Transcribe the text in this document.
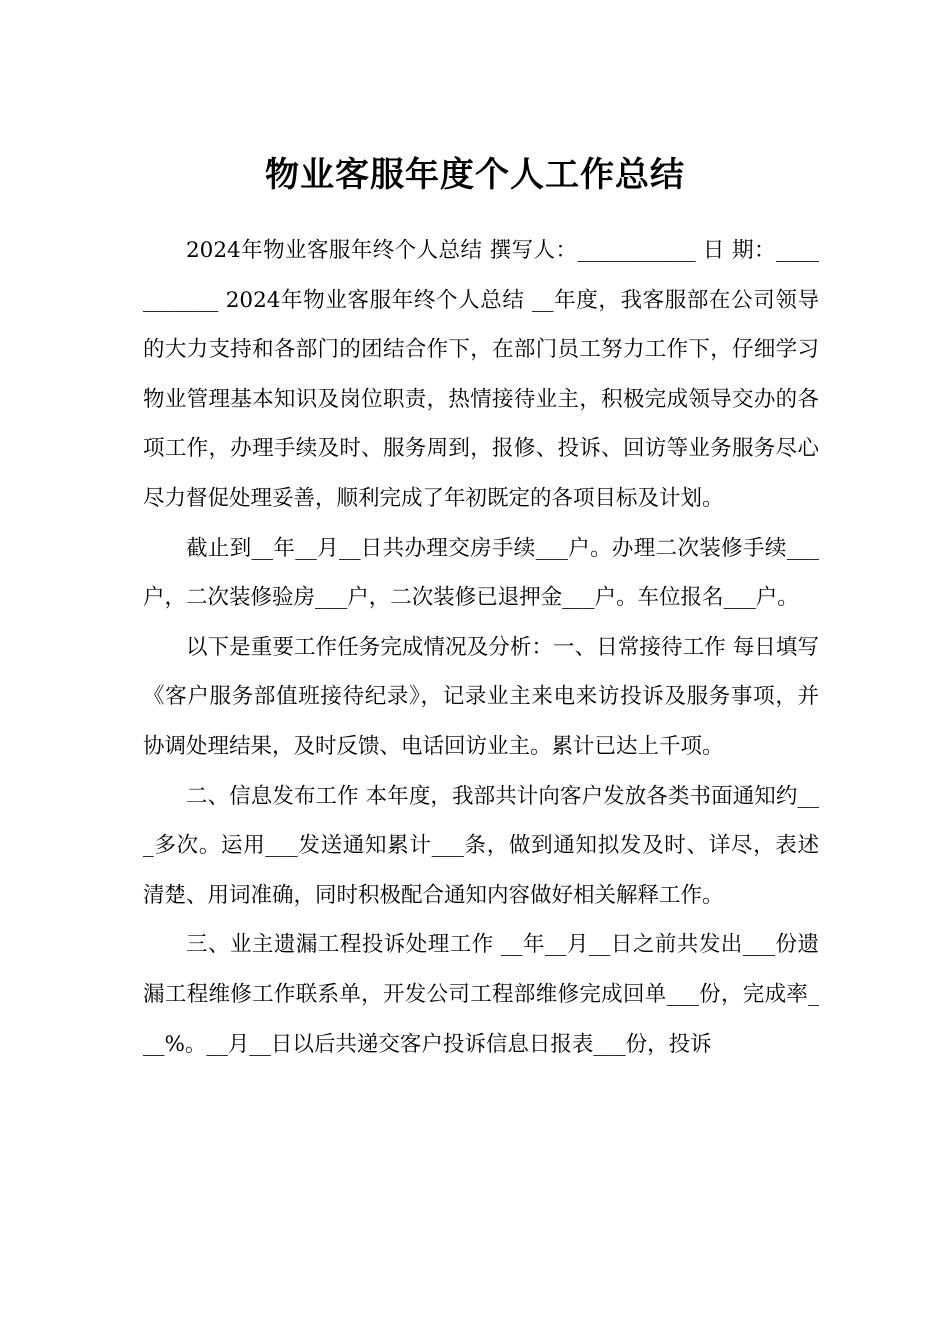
物业客服年度个人工作总结

2024年物业客服年终个人总结 撰写人：___________ 日 期：___________ 2024年物业客服年终个人总结 __年度，我客服部在公司领导的大力支持和各部门的团结合作下，在部门员工努力工作下，仔细学习物业管理基本知识及岗位职责，热情接待业主，积极完成领导交办的各项工作，办理手续及时、服务周到，报修、投诉、回访等业务服务尽心尽力督促处理妥善，顺利完成了年初既定的各项目标及计划。

截止到__年__月__日共办理交房手续___户。办理二次装修手续___户，二次装修验房___户，二次装修已退押金___户。车位报名___户。

以下是重要工作任务完成情况及分析：一、日常接待工作 每日填写《客户服务部值班接待纪录》，记录业主来电来访投诉及服务事项，并协调处理结果，及时反馈、电话回访业主。累计已达上千项。

二、信息发布工作 本年度，我部共计向客户发放各类书面通知约___多次。运用___发送通知累计___条，做到通知拟发及时、详尽，表述清楚、用词准确，同时积极配合通知内容做好相关解释工作。

三、业主遗漏工程投诉处理工作 __年__月__日之前共发出___份遗漏工程维修工作联系单，开发公司工程部维修完成回单___份，完成率___%。__月__日以后共递交客户投诉信息日报表___份，投诉
